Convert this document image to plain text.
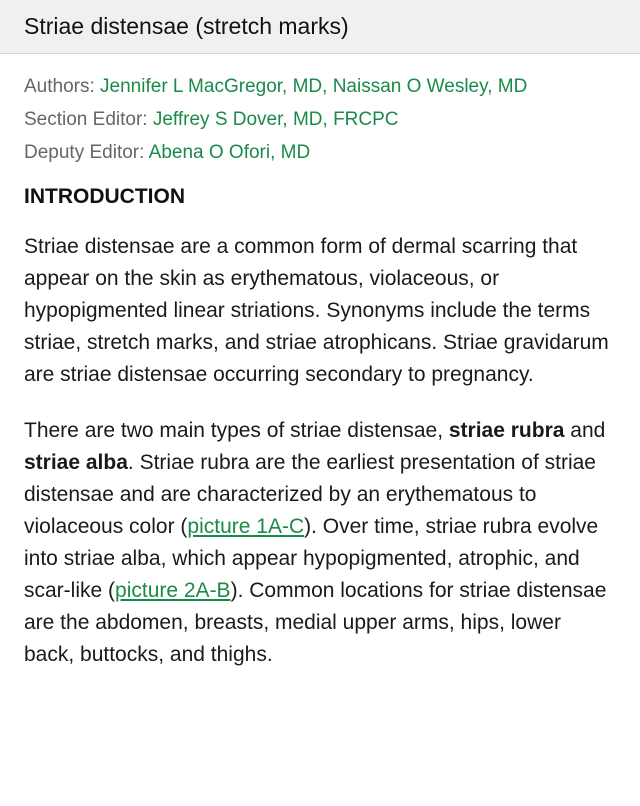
Striae distensae (stretch marks)
Authors: Jennifer L MacGregor, MD, Naissan O Wesley, MD
Section Editor: Jeffrey S Dover, MD, FRCPC
Deputy Editor: Abena O Ofori, MD
INTRODUCTION

Striae distensae are a common form of dermal scarring that appear on the skin as erythematous, violaceous, or hypopigmented linear striations. Synonyms include the terms striae, stretch marks, and striae atrophicans. Striae gravidarum are striae distensae occurring secondary to pregnancy.

There are two main types of striae distensae, striae rubra and striae alba. Striae rubra are the earliest presentation of striae distensae and are characterized by an erythematous to violaceous color (picture 1A-C). Over time, striae rubra evolve into striae alba, which appear hypopigmented, atrophic, and scar-like (picture 2A-B). Common locations for striae distensae are the abdomen, breasts, medial upper arms, hips, lower back, buttocks, and thighs.
